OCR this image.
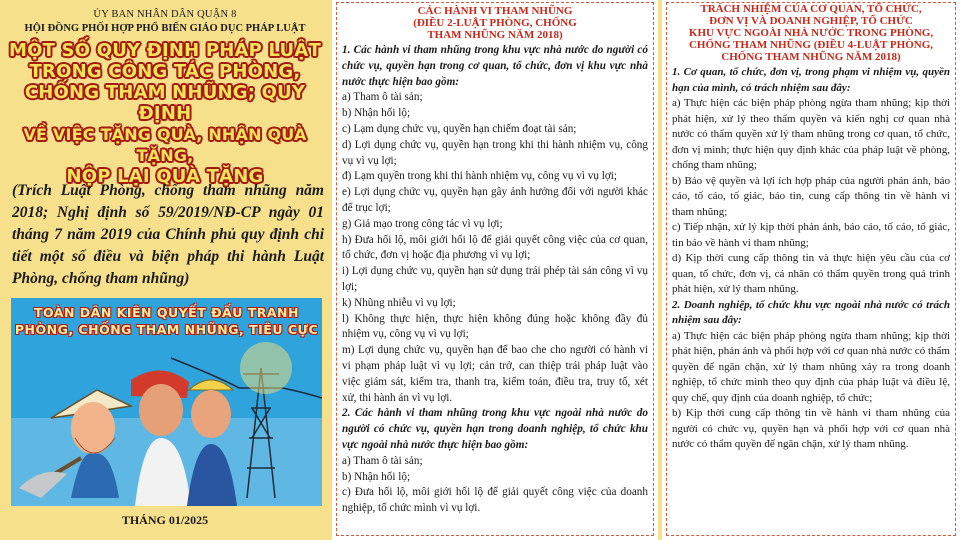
ỦY BAN NHÂN DÂN QUẬN 8
HỘI ĐỒNG PHỐI HỢP PHỔ BIẾN GIÁO DỤC PHÁP LUẬT
MỘT SỐ QUY ĐỊNH PHÁP LUẬT
TRONG CÔNG TÁC PHÒNG,
CHỐNG THAM NHŨNG; QUY ĐỊNH
VỀ VIỆC TẶNG QUÀ, NHẬN QUÀ TẶNG,
NỘP LẠI QUÀ TẶNG
(Trích Luật Phòng, chống tham nhũng năm 2018; Nghị định số 59/2019/NĐ-CP ngày 01 tháng 7 năm 2019 của Chính phủ quy định chi tiết một số điều và biện pháp thi hành Luật Phòng, chống tham nhũng)
TOÀN DÂN KIÊN QUYẾT ĐẤU TRANH
PHÒNG, CHỐNG THAM NHŨNG, TIÊU CỰC
THÁNG 01/2025
CÁC HÀNH VI THAM NHŨNG
(ĐIỀU 2-LUẬT PHÒNG, CHỐNG
THAM NHŨNG NĂM 2018)

1. Các hành vi tham nhũng trong khu vực nhà nước do người có chức vụ, quyền hạn trong cơ quan, tổ chức, đơn vị khu vực nhà nước thực hiện bao gồm:

a) Tham ô tài sản;

b) Nhận hối lộ;

c) Lạm dụng chức vụ, quyền hạn chiếm đoạt tài sản;

d) Lợi dụng chức vụ, quyền hạn trong khi thi hành nhiệm vụ, công vụ vì vụ lợi;

đ) Lạm quyền trong khi thi hành nhiệm vụ, công vụ vì vụ lợi;

e) Lợi dụng chức vụ, quyền hạn gây ảnh hưởng đối với người khác để trục lợi;

g) Giả mạo trong công tác vì vụ lợi;

h) Đưa hối lộ, môi giới hối lộ để giải quyết công việc của cơ quan, tổ chức, đơn vị hoặc địa phương vì vụ lợi;

i) Lợi dụng chức vụ, quyền hạn sử dụng trái phép tài sản công vì vụ lợi;

k) Nhũng nhiễu vì vụ lợi;

l) Không thực hiện, thực hiện không đúng hoặc không đầy đủ nhiệm vụ, công vụ vì vụ lợi;

m) Lợi dụng chức vụ, quyền hạn để bao che cho người có hành vi vi phạm pháp luật vì vụ lợi; cản trở, can thiệp trái pháp luật vào việc giám sát, kiểm tra, thanh tra, kiểm toán, điều tra, truy tố, xét xử, thi hành án vì vụ lợi.

2. Các hành vi tham nhũng trong khu vực ngoài nhà nước do người có chức vụ, quyền hạn trong doanh nghiệp, tổ chức khu vực ngoài nhà nước thực hiện bao gồm:

a) Tham ô tài sản;

b) Nhận hối lộ;

c) Đưa hối lộ, môi giới hối lộ để giải quyết công việc của doanh nghiệp, tổ chức mình vì vụ lợi.

TRÁCH NHIỆM CỦA CƠ QUAN, TỔ CHỨC,
ĐƠN VỊ VÀ DOANH NGHIỆP, TỔ CHỨC
KHU VỰC NGOÀI NHÀ NƯỚC TRONG PHÒNG,
CHỐNG THAM NHŨNG (ĐIỀU 4-LUẬT PHÒNG,
CHỐNG THAM NHŨNG NĂM 2018)

1. Cơ quan, tổ chức, đơn vị, trong phạm vi nhiệm vụ, quyền hạn của mình, có trách nhiệm sau đây:

a) Thực hiện các biện pháp phòng ngừa tham nhũng; kịp thời phát hiện, xử lý theo thẩm quyền và kiến nghị cơ quan nhà nước có thẩm quyền xử lý tham nhũng trong cơ quan, tổ chức, đơn vị mình; thực hiện quy định khác của pháp luật về phòng, chống tham nhũng;

b) Bảo vệ quyền và lợi ích hợp pháp của người phản ánh, báo cáo, tố cáo, tố giác, báo tin, cung cấp thông tin về hành vi tham nhũng;

c) Tiếp nhận, xử lý kịp thời phản ánh, báo cáo, tố cáo, tố giác, tin báo về hành vi tham nhũng;

d) Kịp thời cung cấp thông tin và thực hiện yêu cầu của cơ quan, tổ chức, đơn vị, cá nhân có thẩm quyền trong quá trình phát hiện, xử lý tham nhũng.

2. Doanh nghiệp, tổ chức khu vực ngoài nhà nước có trách nhiệm sau đây:

a) Thực hiện các biện pháp phòng ngừa tham nhũng; kịp thời phát hiện, phản ánh và phối hợp với cơ quan nhà nước có thẩm quyền để ngăn chặn, xử lý tham nhũng xảy ra trong doanh nghiệp, tổ chức mình theo quy định của pháp luật và điều lệ, quy chế, quy định của doanh nghiệp, tổ chức;

b) Kịp thời cung cấp thông tin về hành vi tham nhũng của người có chức vụ, quyền hạn và phối hợp với cơ quan nhà nước có thẩm quyền để ngăn chặn, xử lý tham nhũng.
